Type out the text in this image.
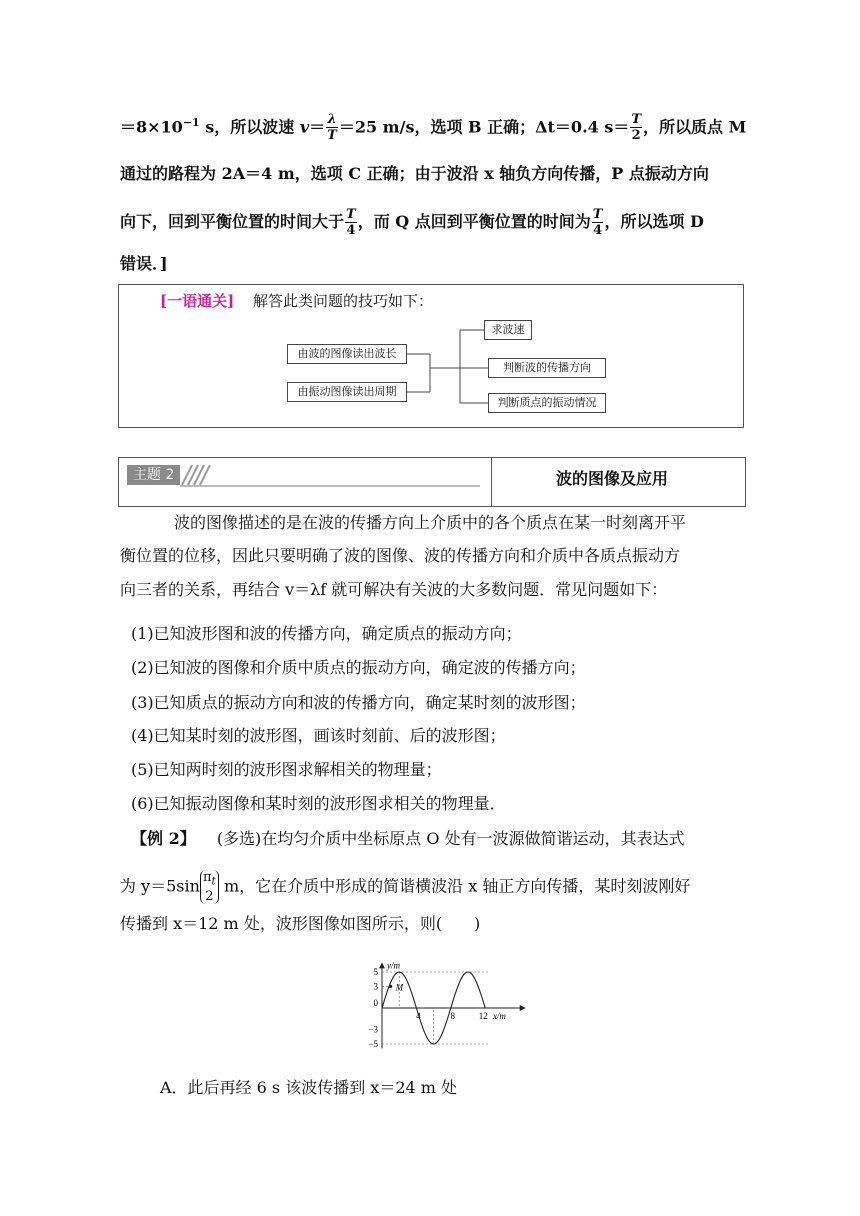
$=8\times 10^{-1}$ s，所以波速 $v= \frac{\lambda}{T} =25$ m/s，选项 B 正确；Δt＝0.4 $s= \frac{T}{2}$ ，所以质点 M
通过的路程为 2A＝4 m，选项 C 正确；由于波沿 x 轴负方向传播，P 点振动方向
向下，回到平衡位置的时间大于 $\frac{T}{4}$ ，而 Q 点回到平衡位置的时间为 $\frac{T}{4}$ ，所以选项 D
错误．]
[一语通关] 解答此类问题的技巧如下：
由波的图像读出波长
由振动图像读出周期
求波速
判断波的传播方向
判断质点的振动情况
主题 2	波的图像及应用
波的图像描述的是在波的传播方向上介质中的各个质点在某一时刻离开平
衡位置的位移，因此只要明确了波的图像、波的传播方向和介质中各质点振动方
向三者的关系，再结合 v＝λf 就可解决有关波的大多数问题．常见问题如下：
(1)已知波形图和波的传播方向，确定质点的振动方向；
(2)已知波的图像和介质中质点的振动方向，确定波的传播方向；
(3)已知质点的振动方向和波的传播方向，确定某时刻的波形图；
(4)已知某时刻的波形图，画该时刻前、后的波形图；
(5)已知两时刻的波形图求解相关的物理量；
(6)已知振动图像和某时刻的波形图求相关的物理量．
【例 2】 (多选)在均匀介质中坐标原点 O 处有一波源做简谐运动，其表达式
为 y＝5sin $\pi_t$
2
m，它在介质中形成的简谐横波沿 x 轴正方向传播，某时刻波刚好
传播到 x＝12 m 处，波形图像如图所示，则(　　)
M
5
3
0
−3
−5
4	8	12
y/m
x/m
A．此后再经 6 s 该波传播到 x＝24 m 处
